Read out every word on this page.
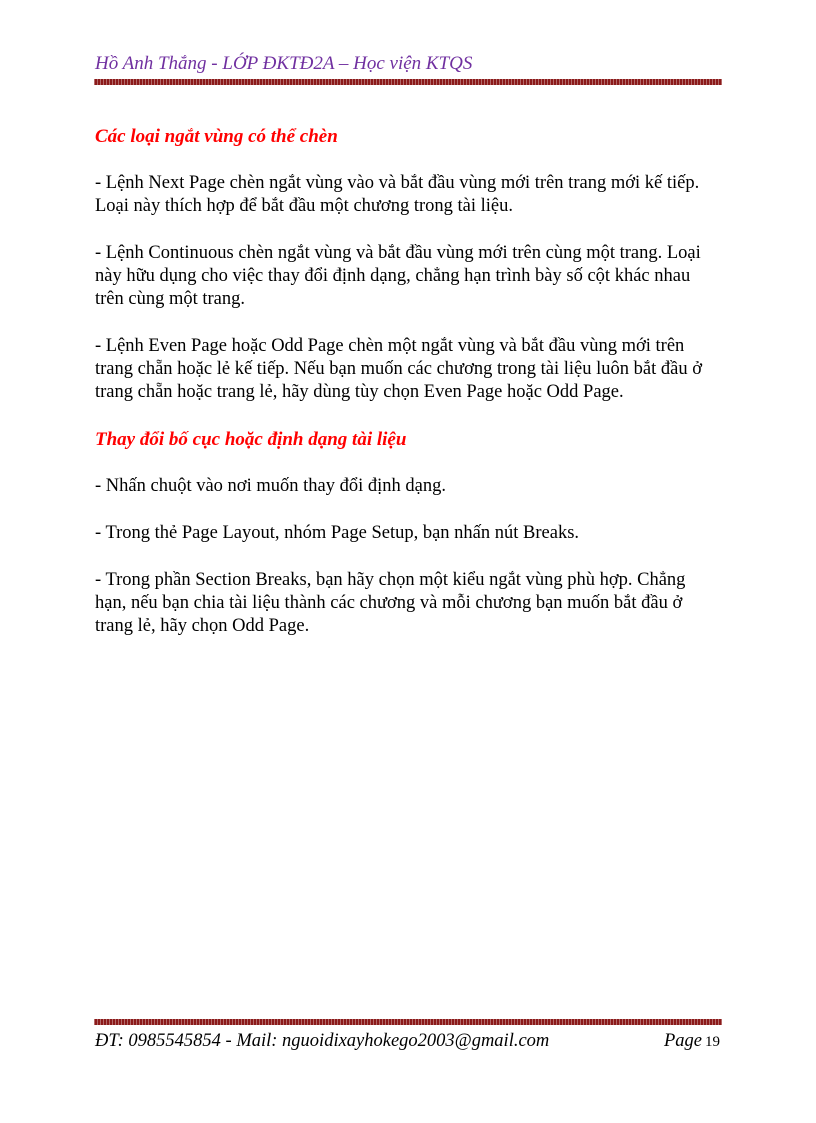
Hồ Anh Thắng - LỚP ĐKTĐ2A – Học viện KTQS
Các loại ngắt vùng có thể chèn
- Lệnh Next Page chèn ngắt vùng vào và bắt đầu vùng mới trên trang mới kế tiếp.
Loại này thích hợp để bắt đầu một chương trong tài liệu.
- Lệnh Continuous chèn ngắt vùng và bắt đầu vùng mới trên cùng một trang. Loại
này hữu dụng cho việc thay đổi định dạng, chẳng hạn trình bày số cột khác nhau
trên cùng một trang.
- Lệnh Even Page hoặc Odd Page chèn một ngắt vùng và bắt đầu vùng mới trên
trang chẵn hoặc lẻ kế tiếp. Nếu bạn muốn các chương trong tài liệu luôn bắt đầu ở
trang chẵn hoặc trang lẻ, hãy dùng tùy chọn Even Page hoặc Odd Page.
Thay đổi bố cục hoặc định dạng tài liệu
- Nhấn chuột vào nơi muốn thay đổi định dạng.
- Trong thẻ Page Layout, nhóm Page Setup, bạn nhấn nút Breaks.
- Trong phần Section Breaks, bạn hãy chọn một kiểu ngắt vùng phù hợp. Chẳng
hạn, nếu bạn chia tài liệu thành các chương và mỗi chương bạn muốn bắt đầu ở
trang lẻ, hãy chọn Odd Page.
ĐT: 0985545854 - Mail: nguoidixayhokego2003@gmail.com	Page 19
